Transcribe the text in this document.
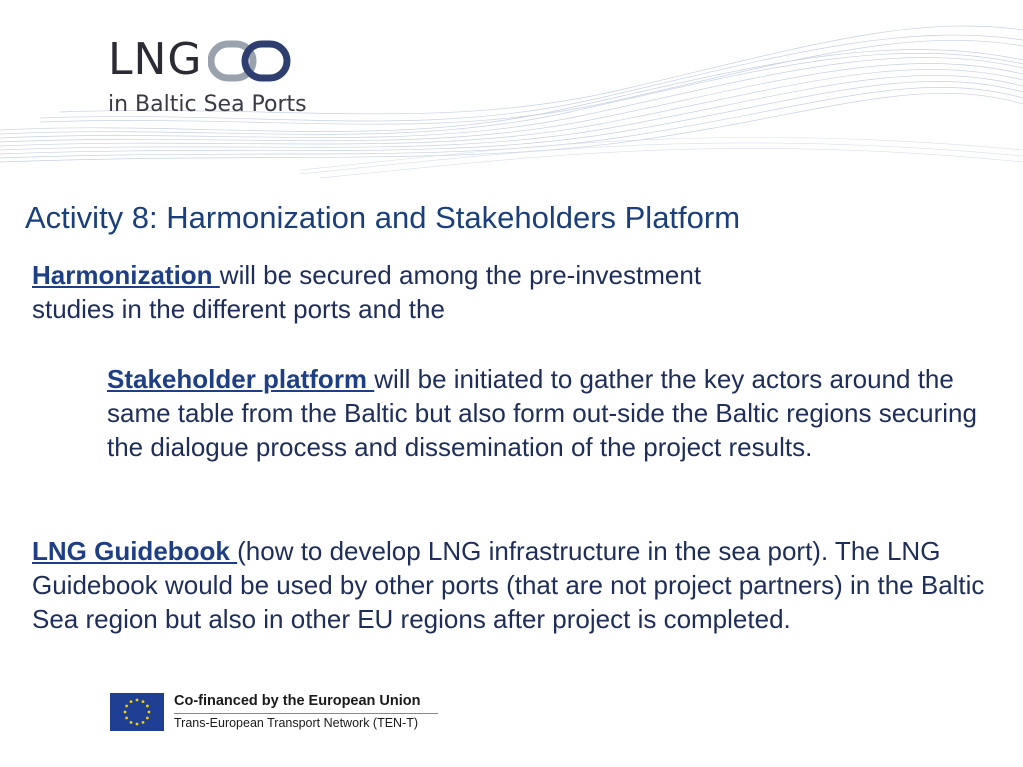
LNG
in Baltic Sea Ports
Activity 8: Harmonization and Stakeholders Platform
Harmonization will be secured among the pre-investment studies in the different ports and the
Stakeholder platform will be initiated to gather the key actors around the same table from the Baltic but also form out-side the Baltic regions securing the dialogue process and dissemination of the project results.
LNG Guidebook (how to develop LNG infrastructure in the sea port). The LNG Guidebook would be used by other ports (that are not project partners) in the Baltic Sea region but also in other EU regions after project is completed.
Co-financed by the European Union
Trans-European Transport Network (TEN-T)
